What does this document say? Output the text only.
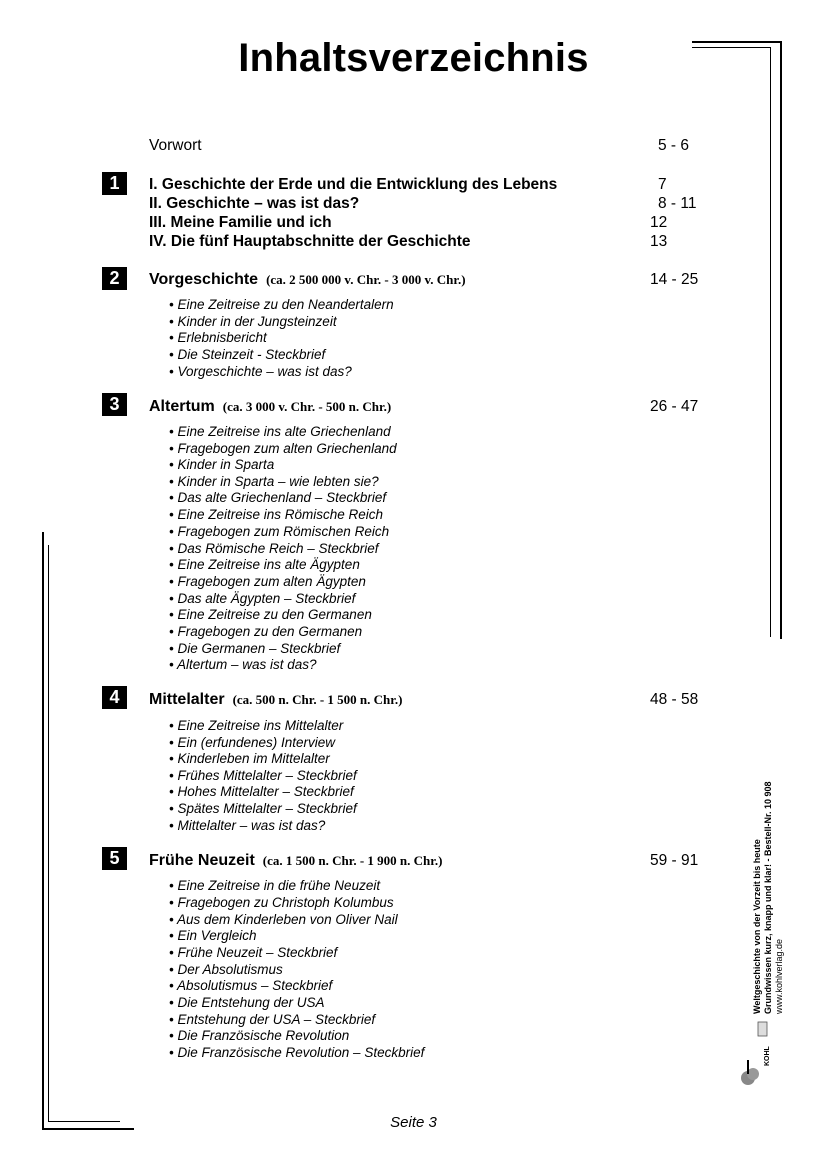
Inhaltsverzeichnis
Vorwort	5 - 6
1	I. Geschichte der Erde und die Entwicklung des Lebens	7
II. Geschichte – was ist das?	8 - 11
III. Meine Familie und ich	12
IV. Die fünf Hauptabschnitte der Geschichte	13
2	Vorgeschichte (ca. 2 500 000 v. Chr. - 3 000 v. Chr.)	14 - 25
• Eine Zeitreise zu den Neandertalern
• Kinder in der Jungsteinzeit
• Erlebnisbericht
• Die Steinzeit - Steckbrief
• Vorgeschichte – was ist das?
3	Altertum (ca. 3 000 v. Chr. - 500 n. Chr.)	26 - 47
• Eine Zeitreise ins alte Griechenland
• Fragebogen zum alten Griechenland
• Kinder in Sparta
• Kinder in Sparta – wie lebten sie?
• Das alte Griechenland – Steckbrief
• Eine Zeitreise ins Römische Reich
• Fragebogen zum Römischen Reich
• Das Römische Reich – Steckbrief
• Eine Zeitreise ins alte Ägypten
• Fragebogen zum alten Ägypten
• Das alte Ägypten – Steckbrief
• Eine Zeitreise zu den Germanen
• Fragebogen zu den Germanen
• Die Germanen – Steckbrief
• Altertum – was ist das?
4	Mittelalter (ca. 500 n. Chr. - 1 500 n. Chr.)	48 - 58
• Eine Zeitreise ins Mittelalter
• Ein (erfundenes) Interview
• Kinderleben im Mittelalter
• Frühes Mittelalter – Steckbrief
• Hohes Mittelalter – Steckbrief
• Spätes Mittelalter – Steckbrief
• Mittelalter – was ist das?
5	Frühe Neuzeit (ca. 1 500 n. Chr. - 1 900 n. Chr.)	59 - 91
• Eine Zeitreise in die frühe Neuzeit
• Fragebogen zu Christoph Kolumbus
• Aus dem Kinderleben von Oliver Nail
• Ein Vergleich
• Frühe Neuzeit – Steckbrief
• Der Absolutismus
• Absolutismus – Steckbrief
• Die Entstehung der USA
• Entstehung der USA – Steckbrief
• Die Französische Revolution
• Die Französische Revolution – Steckbrief
Weltgeschichte von der Vorzeit bis heute Grundwissen kurz, knapp und klar! - Bestell-Nr. 10 908 www.kohlverlag.de
KOHL
Seite 3
